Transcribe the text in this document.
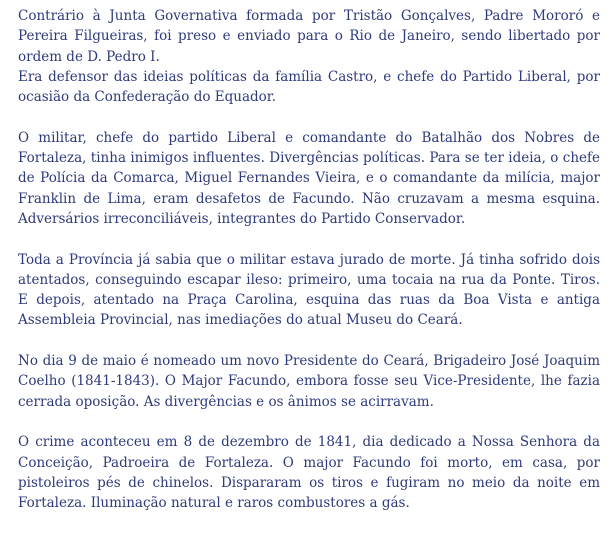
Contrário à Junta Governativa formada por Tristão Gonçalves, Padre Mororó e Pereira Filgueiras, foi preso e enviado para o Rio de Janeiro, sendo libertado por ordem de D. Pedro I.

Era defensor das ideias políticas da família Castro, e chefe do Partido Liberal, por ocasião da Confederação do Equador.

O militar, chefe do partido Liberal e comandante do Batalhão dos Nobres de Fortaleza, tinha inimigos influentes. Divergências políticas. Para se ter ideia, o chefe de Polícia da Comarca, Miguel Fernandes Vieira, e o comandante da milícia, major Franklin de Lima, eram desafetos de Facundo. Não cruzavam a mesma esquina. Adversários irreconciliáveis, integrantes do Partido Conservador.

Toda a Província já sabia que o militar estava jurado de morte. Já tinha sofrido dois atentados, conseguindo escapar ileso: primeiro, uma tocaia na rua da Ponte. Tiros. E depois, atentado na Praça Carolina, esquina das ruas da Boa Vista e antiga Assembleia Provincial, nas imediações do atual Museu do Ceará.

No dia 9 de maio é nomeado um novo Presidente do Ceará, Brigadeiro José Joaquim Coelho (1841-1843). O Major Facundo, embora fosse seu Vice-Presidente, lhe fazia cerrada oposição. As divergências e os ânimos se acirravam.

O crime aconteceu em 8 de dezembro de 1841, dia dedicado a Nossa Senhora da Conceição, Padroeira de Fortaleza. O major Facundo foi morto, em casa, por pistoleiros pés de chinelos. Dispararam os tiros e fugiram no meio da noite em Fortaleza. Iluminação natural e raros combustores a gás.
